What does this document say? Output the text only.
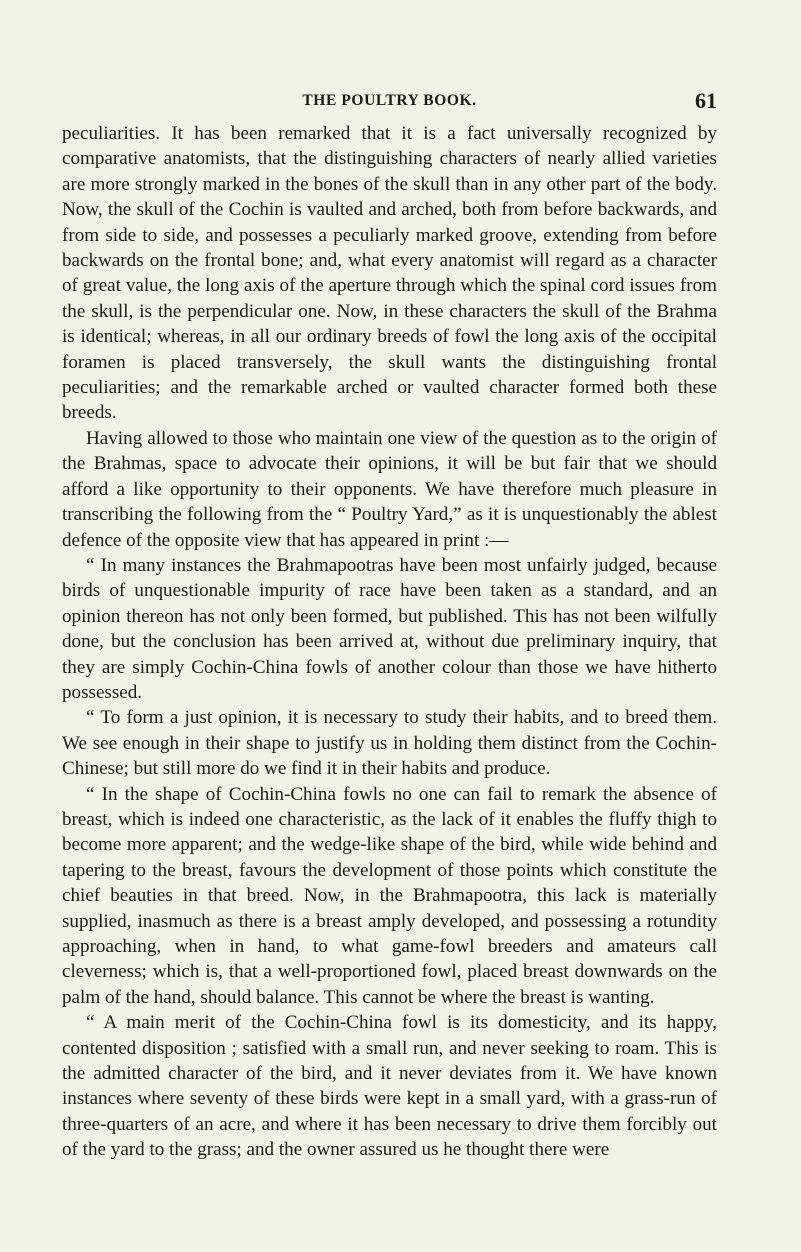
THE POULTRY BOOK.	61

peculiarities. It has been remarked that it is a fact universally recognized by comparative anatomists, that the distinguishing characters of nearly allied varieties are more strongly marked in the bones of the skull than in any other part of the body. Now, the skull of the Cochin is vaulted and arched, both from before backwards, and from side to side, and possesses a peculiarly marked groove, extending from before backwards on the frontal bone; and, what every anatomist will regard as a character of great value, the long axis of the aperture through which the spinal cord issues from the skull, is the perpendicular one. Now, in these characters the skull of the Brahma is identical; whereas, in all our ordinary breeds of fowl the long axis of the occipital foramen is placed transversely, the skull wants the distinguishing frontal peculiarities; and the remarkable arched or vaulted character formed both these breeds.

Having allowed to those who maintain one view of the question as to the origin of the Brahmas, space to advocate their opinions, it will be but fair that we should afford a like opportunity to their opponents. We have therefore much pleasure in transcribing the following from the “ Poultry Yard,” as it is unquestionably the ablest defence of the opposite view that has appeared in print :—

“ In many instances the Brahmapootras have been most unfairly judged, because birds of unquestionable impurity of race have been taken as a standard, and an opinion thereon has not only been formed, but published. This has not been wilfully done, but the conclusion has been arrived at, without due preliminary inquiry, that they are simply Cochin-China fowls of another colour than those we have hitherto possessed.

“ To form a just opinion, it is necessary to study their habits, and to breed them. We see enough in their shape to justify us in holding them distinct from the Cochin-Chinese; but still more do we find it in their habits and produce.

“ In the shape of Cochin-China fowls no one can fail to remark the absence of breast, which is indeed one characteristic, as the lack of it enables the fluffy thigh to become more apparent; and the wedge-like shape of the bird, while wide behind and tapering to the breast, favours the development of those points which constitute the chief beauties in that breed. Now, in the Brahmapootra, this lack is materially supplied, inasmuch as there is a breast amply developed, and possessing a rotundity approaching, when in hand, to what game-fowl breeders and amateurs call cleverness; which is, that a well-proportioned fowl, placed breast downwards on the palm of the hand, should balance. This cannot be where the breast is wanting.

“ A main merit of the Cochin-China fowl is its domesticity, and its happy, contented disposition ; satisfied with a small run, and never seeking to roam. This is the admitted character of the bird, and it never deviates from it. We have known instances where seventy of these birds were kept in a small yard, with a grass-run of three-quarters of an acre, and where it has been necessary to drive them forcibly out of the yard to the grass; and the owner assured us he thought there were
